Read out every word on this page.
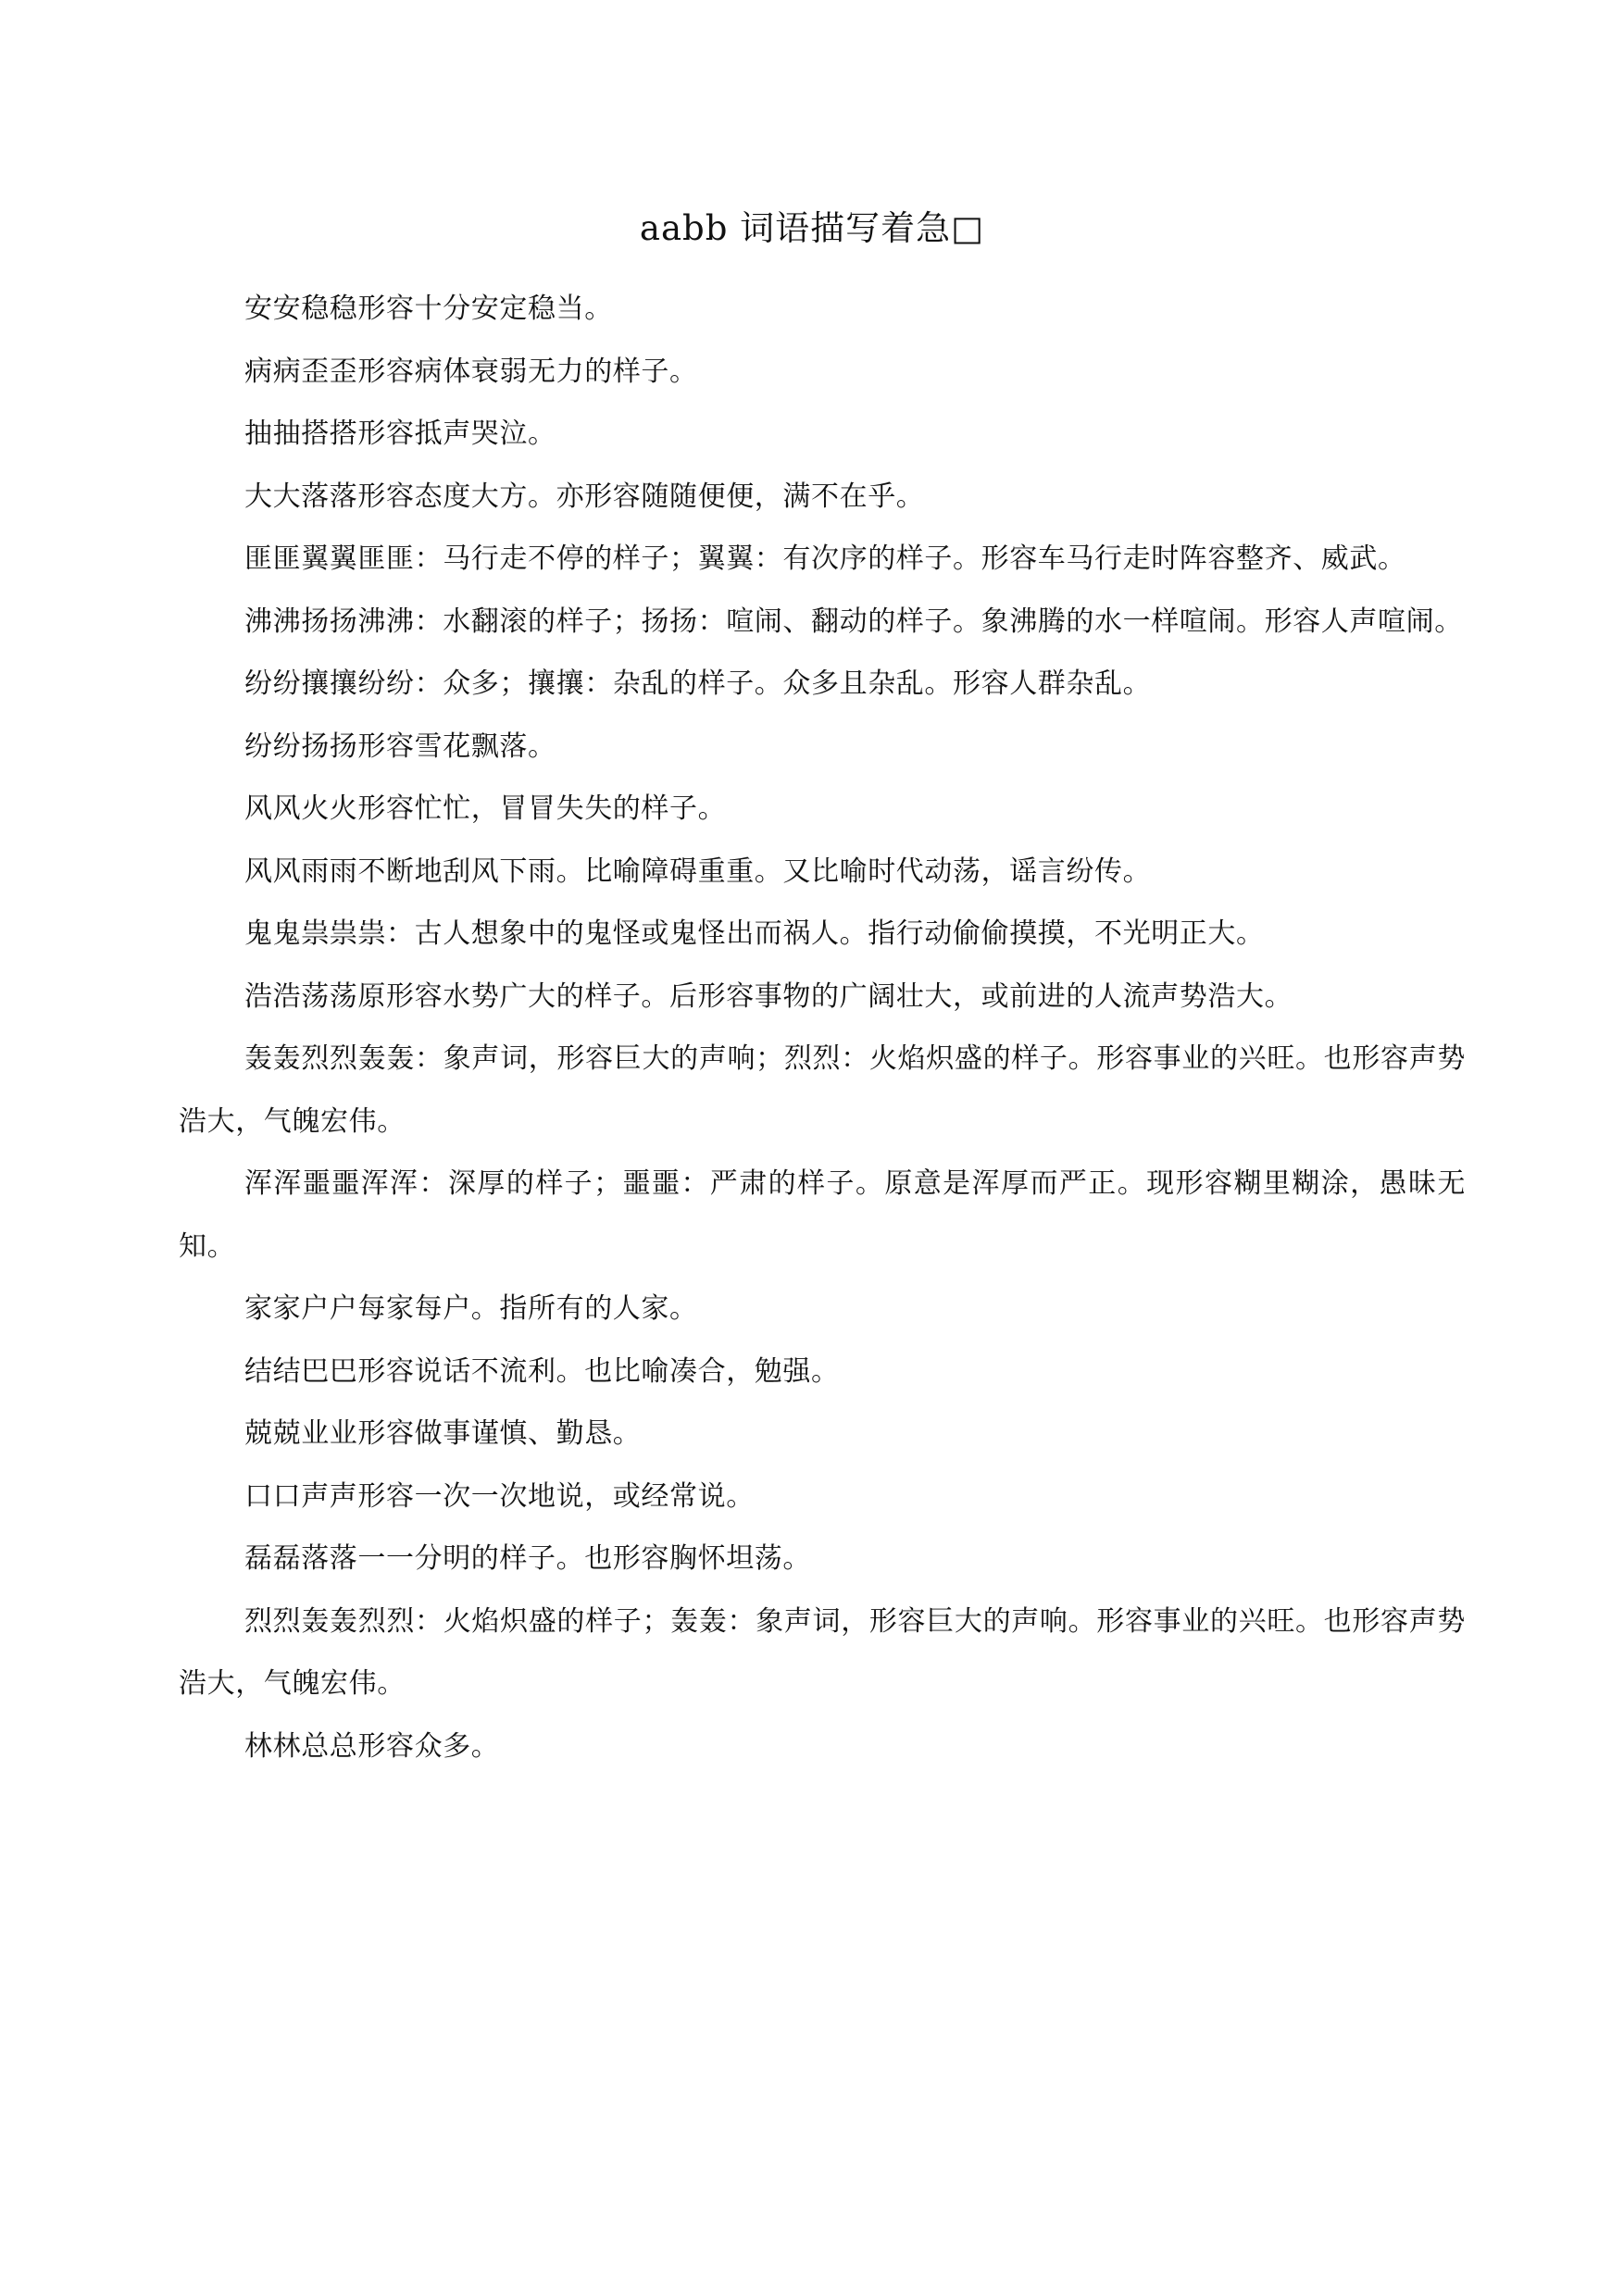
aabb 词语描写着急□

安安稳稳形容十分安定稳当。

病病歪歪形容病体衰弱无力的样子。

抽抽搭搭形容抵声哭泣。

大大落落形容态度大方。亦形容随随便便，满不在乎。

匪匪翼翼匪匪：马行走不停的样子；翼翼：有次序的样子。形容车马行走时阵容整齐、威武。

沸沸扬扬沸沸：水翻滚的样子；扬扬：喧闹、翻动的样子。象沸腾的水一样喧闹。形容人声喧闹。

纷纷攘攘纷纷：众多；攘攘：杂乱的样子。众多且杂乱。形容人群杂乱。

纷纷扬扬形容雪花飘落。

风风火火形容忙忙，冒冒失失的样子。

风风雨雨不断地刮风下雨。比喻障碍重重。又比喻时代动荡，谣言纷传。

鬼鬼祟祟祟：古人想象中的鬼怪或鬼怪出而祸人。指行动偷偷摸摸，不光明正大。

浩浩荡荡原形容水势广大的样子。后形容事物的广阔壮大，或前进的人流声势浩大。

轰轰烈烈轰轰：象声词，形容巨大的声响；烈烈：火焰炽盛的样子。形容事业的兴旺。也形容声势浩大，气魄宏伟。

浑浑噩噩浑浑：深厚的样子；噩噩：严肃的样子。原意是浑厚而严正。现形容糊里糊涂，愚昧无知。

家家户户每家每户。指所有的人家。

结结巴巴形容说话不流利。也比喻凑合，勉强。

兢兢业业形容做事谨慎、勤恳。

口口声声形容一次一次地说，或经常说。

磊磊落落一一分明的样子。也形容胸怀坦荡。

烈烈轰轰烈烈：火焰炽盛的样子；轰轰：象声词，形容巨大的声响。形容事业的兴旺。也形容声势浩大，气魄宏伟。

林林总总形容众多。
